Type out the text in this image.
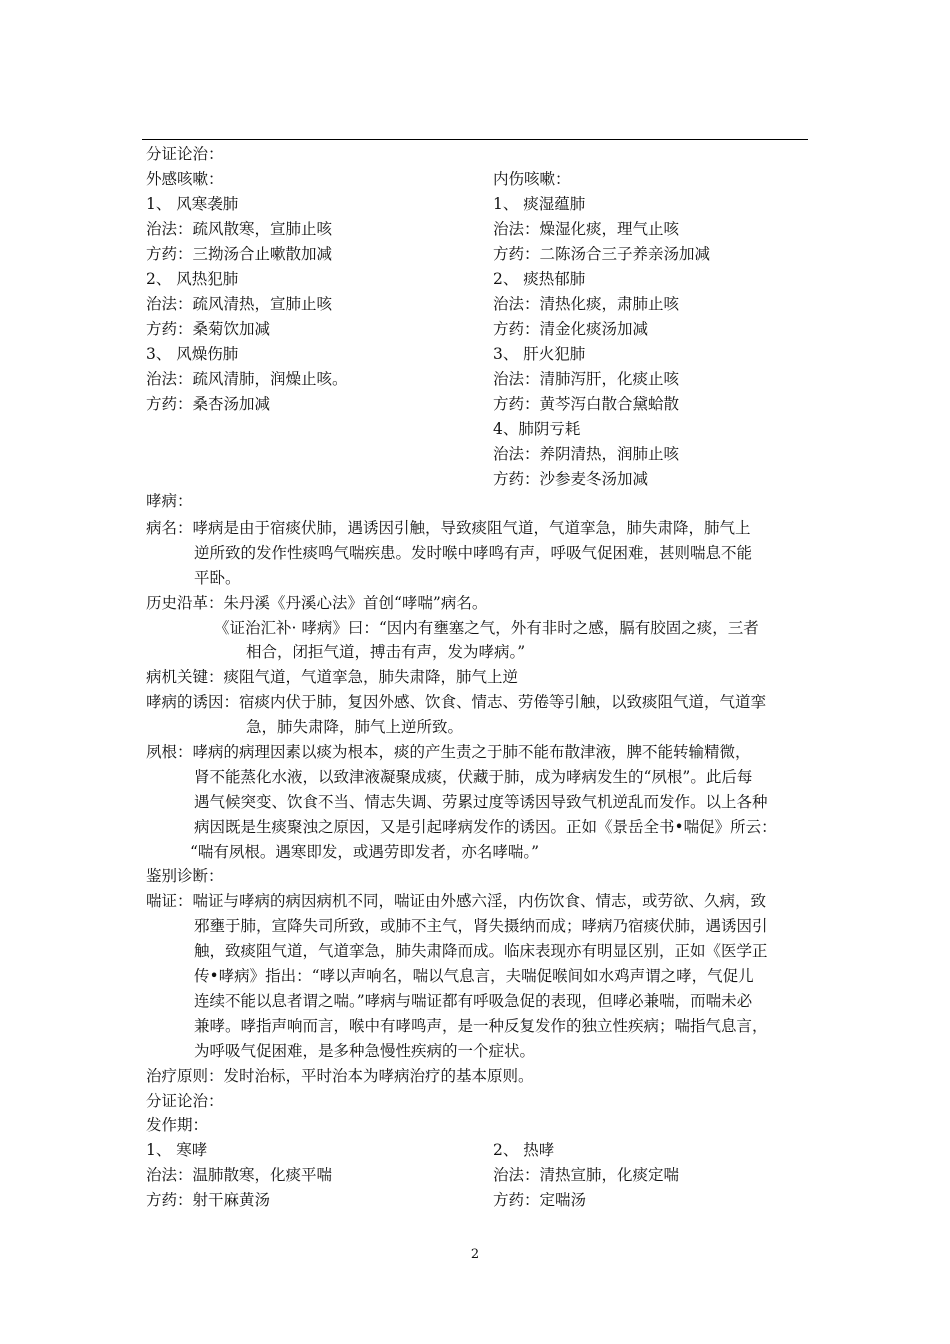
分证论治：
外感咳嗽：	内伤咳嗽：
1、 风寒袭肺
治法：疏风散寒，宣肺止咳
方药：三拗汤合止嗽散加减
2、 风热犯肺
治法：疏风清热，宣肺止咳
方药：桑菊饮加减
3、 风燥伤肺
治法：疏风清肺，润燥止咳。
方药：桑杏汤加减
1、 痰湿蕴肺
治法：燥湿化痰，理气止咳
方药：二陈汤合三子养亲汤加减
2、 痰热郁肺
治法：清热化痰，肃肺止咳
方药：清金化痰汤加减
3、 肝火犯肺
治法：清肺泻肝，化痰止咳
方药：黄芩泻白散合黛蛤散
4、肺阴亏耗
治法：养阴清热，润肺止咳
方药：沙参麦冬汤加减
哮病：
病名：哮病是由于宿痰伏肺，遇诱因引触，导致痰阻气道，气道挛急，肺失肃降，肺气上
逆所致的发作性痰鸣气喘疾患。发时喉中哮鸣有声，呼吸气促困难，甚则喘息不能
平卧。
历史沿革：朱丹溪《丹溪心法》首创“哮喘”病名。
《证治汇补· 哮病》曰：“因内有壅塞之气，外有非时之感，膈有胶固之痰，三者
相合，闭拒气道，搏击有声，发为哮病。”
病机关键：痰阻气道，气道挛急，肺失肃降，肺气上逆
哮病的诱因：宿痰内伏于肺，复因外感、饮食、情志、劳倦等引触，以致痰阻气道，气道挛
急，肺失肃降，肺气上逆所致。
夙根：哮病的病理因素以痰为根本，痰的产生责之于肺不能布散津液，脾不能转输精微，
肾不能蒸化水液，以致津液凝聚成痰，伏藏于肺，成为哮病发生的“夙根”。此后每
遇气候突变、饮食不当、情志失调、劳累过度等诱因导致气机逆乱而发作。以上各种
病因既是生痰聚浊之原因，又是引起哮病发作的诱因。正如《景岳全书•喘促》所云：
“喘有夙根。遇寒即发，或遇劳即发者，亦名哮喘。”
鉴别诊断：
喘证：喘证与哮病的病因病机不同，喘证由外感六淫，内伤饮食、情志，或劳欲、久病，致
邪壅于肺，宣降失司所致，或肺不主气，肾失摄纳而成；哮病乃宿痰伏肺，遇诱因引
触，致痰阻气道，气道挛急，肺失肃降而成。临床表现亦有明显区别，正如《医学正
传•哮病》指出：“哮以声响名，喘以气息言，夫喘促喉间如水鸡声谓之哮，气促儿
连续不能以息者谓之喘。”哮病与喘证都有呼吸急促的表现，但哮必兼喘，而喘未必
兼哮。哮指声响而言，喉中有哮鸣声，是一种反复发作的独立性疾病；喘指气息言，
为呼吸气促困难，是多种急慢性疾病的一个症状。
治疗原则：发时治标，平时治本为哮病治疗的基本原则。
分证论治：
发作期：
1、 寒哮
治法：温肺散寒，化痰平喘
方药：射干麻黄汤
2、 热哮
治法：清热宣肺，化痰定喘
方药：定喘汤
2
